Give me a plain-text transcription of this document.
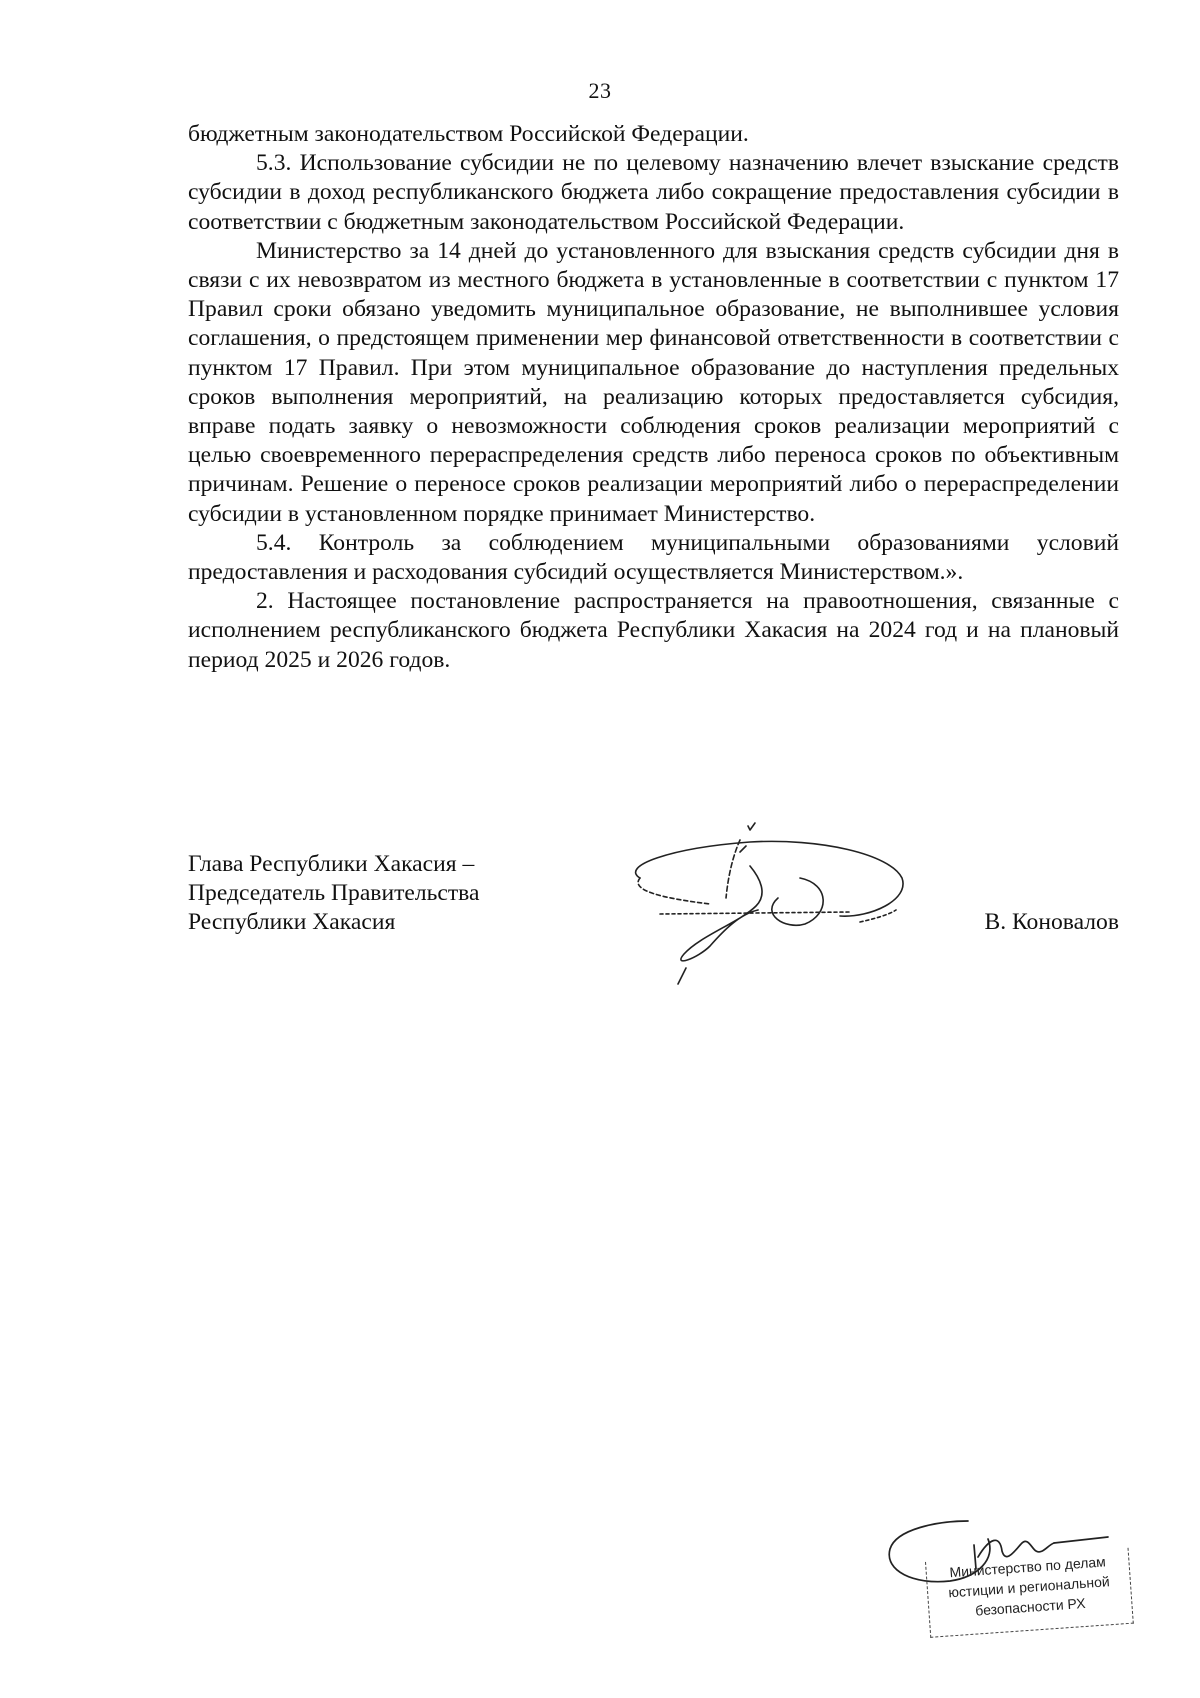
23

бюджетным законодательством Российской Федерации.

5.3. Использование субсидии не по целевому назначению влечет взыскание средств субсидии в доход республиканского бюджета либо сокращение предоставления субсидии в соответствии с бюджетным законодательством Российской Федерации.

Министерство за 14 дней до установленного для взыскания средств субсидии дня в связи с их невозвратом из местного бюджета в установленные в соответствии с пунктом 17 Правил сроки обязано уведомить муниципальное образование, не выполнившее условия соглашения, о предстоящем применении мер финансовой ответственности в соответствии с пунктом 17 Правил. При этом муниципальное образование до наступления предельных сроков выполнения мероприятий, на реализацию которых предоставляется субсидия, вправе подать заявку о невозможности соблюдения сроков реализации мероприятий с целью своевременного перераспределения средств либо переноса сроков по объективным причинам. Решение о переносе сроков реализации мероприятий либо о перераспределении субсидии в установленном порядке принимает Министерство.

5.4. Контроль за соблюдением муниципальными образованиями условий предоставления и расходования субсидий осуществляется Министерством.».

2. Настоящее постановление распространяется на правоотношения, связанные с исполнением республиканского бюджета Республики Хакасия на 2024 год и на плановый период 2025 и 2026 годов.

Глава Республики Хакасия –
Председатель Правительства
Республики Хакасия	В. Коновалов
Министерство по делам
юстиции и региональной
безопасности РХ
